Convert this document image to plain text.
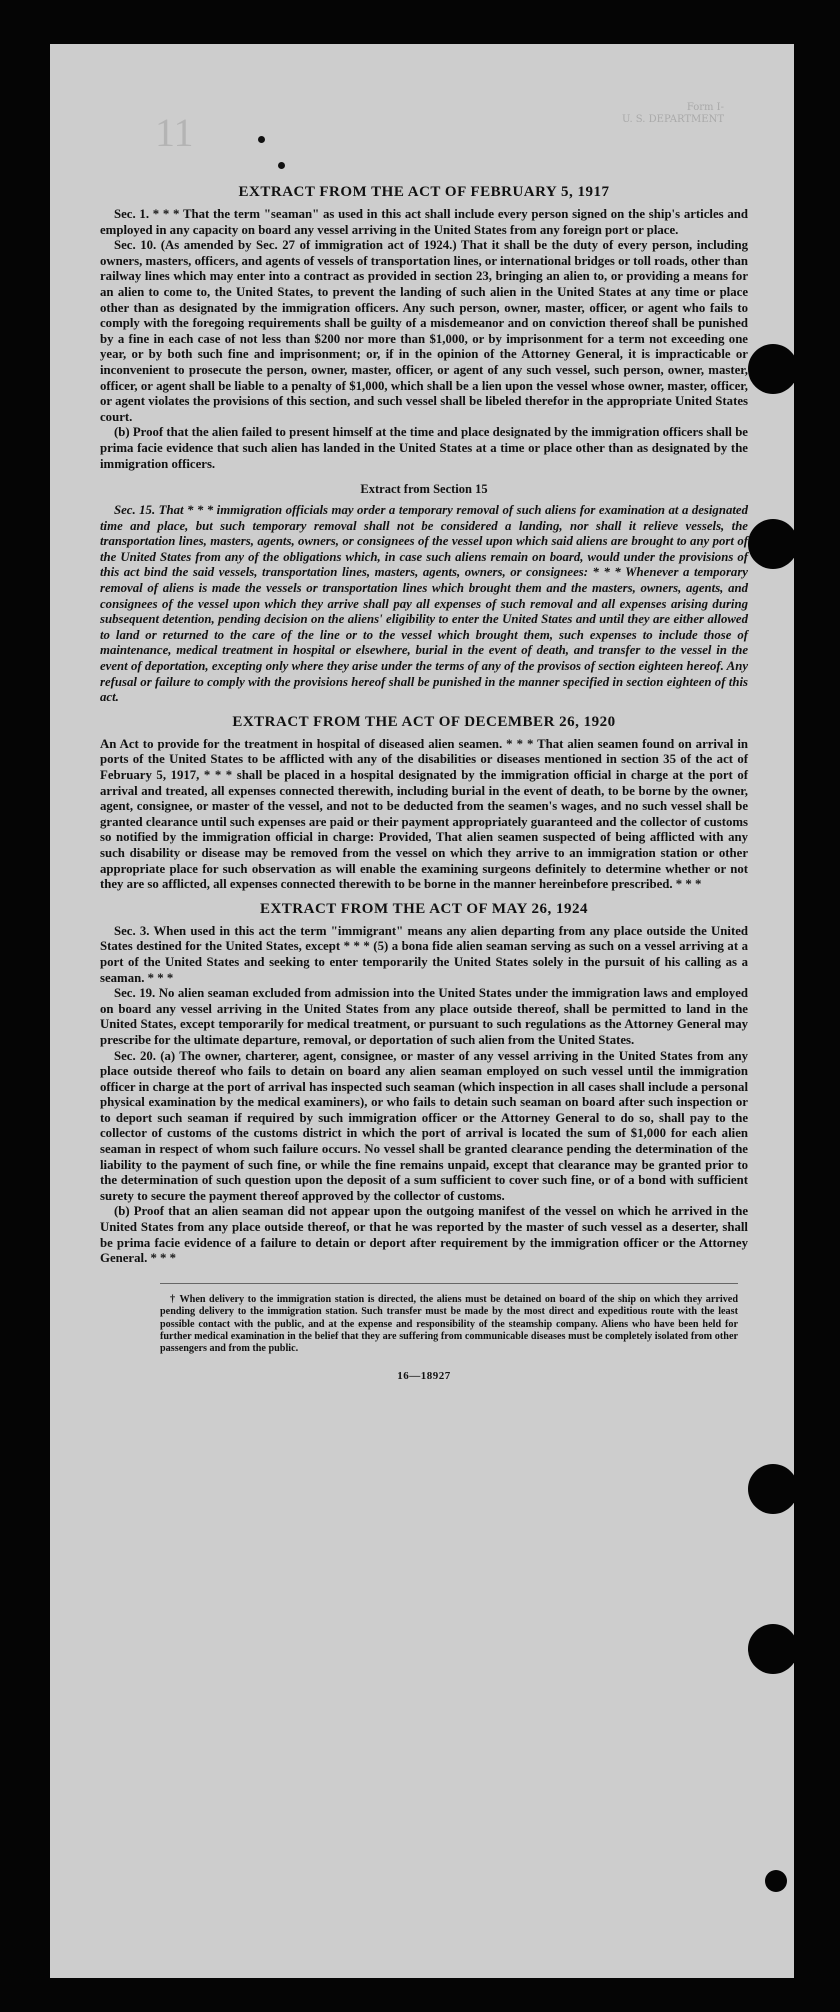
11
Form I-
U. S. DEPARTMENT

EXTRACT FROM THE ACT OF FEBRUARY 5, 1917

Sec. 1. * * * That the term "seaman" as used in this act shall include every person signed on the ship's articles and employed in any capacity on board any vessel arriving in the United States from any foreign port or place.

Sec. 10. (As amended by Sec. 27 of immigration act of 1924.) That it shall be the duty of every person, including owners, masters, officers, and agents of vessels of transportation lines, or international bridges or toll roads, other than railway lines which may enter into a contract as provided in section 23, bringing an alien to, or providing a means for an alien to come to, the United States, to prevent the landing of such alien in the United States at any time or place other than as designated by the immigration officers. Any such person, owner, master, officer, or agent who fails to comply with the foregoing requirements shall be guilty of a misdemeanor and on conviction thereof shall be punished by a fine in each case of not less than $200 nor more than $1,000, or by imprisonment for a term not exceeding one year, or by both such fine and imprisonment; or, if in the opinion of the Attorney General, it is impracticable or inconvenient to prosecute the person, owner, master, officer, or agent of any such vessel, such person, owner, master, officer, or agent shall be liable to a penalty of $1,000, which shall be a lien upon the vessel whose owner, master, officer, or agent violates the provisions of this section, and such vessel shall be libeled therefor in the appropriate United States court.

(b) Proof that the alien failed to present himself at the time and place designated by the immigration officers shall be prima facie evidence that such alien has landed in the United States at a time or place other than as designated by the immigration officers.

Extract from Section 15

Sec. 15. That * * * immigration officials may order a temporary removal of such aliens for examination at a designated time and place, but such temporary removal shall not be considered a landing, nor shall it relieve vessels, the transportation lines, masters, agents, owners, or consignees of the vessel upon which said aliens are brought to any port of the United States from any of the obligations which, in case such aliens remain on board, would under the provisions of this act bind the said vessels, transportation lines, masters, agents, owners, or consignees: * * * Whenever a temporary removal of aliens is made the vessels or transportation lines which brought them and the masters, owners, agents, and consignees of the vessel upon which they arrive shall pay all expenses of such removal and all expenses arising during subsequent detention, pending decision on the aliens' eligibility to enter the United States and until they are either allowed to land or returned to the care of the line or to the vessel which brought them, such expenses to include those of maintenance, medical treatment in hospital or elsewhere, burial in the event of death, and transfer to the vessel in the event of deportation, excepting only where they arise under the terms of any of the provisos of section eighteen hereof. Any refusal or failure to comply with the provisions hereof shall be punished in the manner specified in section eighteen of this act.

EXTRACT FROM THE ACT OF DECEMBER 26, 1920

An Act to provide for the treatment in hospital of diseased alien seamen. * * * That alien seamen found on arrival in ports of the United States to be afflicted with any of the disabilities or diseases mentioned in section 35 of the act of February 5, 1917, * * * shall be placed in a hospital designated by the immigration official in charge at the port of arrival and treated, all expenses connected therewith, including burial in the event of death, to be borne by the owner, agent, consignee, or master of the vessel, and not to be deducted from the seamen's wages, and no such vessel shall be granted clearance until such expenses are paid or their payment appropriately guaranteed and the collector of customs so notified by the immigration official in charge: Provided, That alien seamen suspected of being afflicted with any such disability or disease may be removed from the vessel on which they arrive to an immigration station or other appropriate place for such observation as will enable the examining surgeons definitely to determine whether or not they are so afflicted, all expenses connected therewith to be borne in the manner hereinbefore prescribed. * * *

EXTRACT FROM THE ACT OF MAY 26, 1924

Sec. 3. When used in this act the term "immigrant" means any alien departing from any place outside the United States destined for the United States, except * * * (5) a bona fide alien seaman serving as such on a vessel arriving at a port of the United States and seeking to enter temporarily the United States solely in the pursuit of his calling as a seaman. * * *

Sec. 19. No alien seaman excluded from admission into the United States under the immigration laws and employed on board any vessel arriving in the United States from any place outside thereof, shall be permitted to land in the United States, except temporarily for medical treatment, or pursuant to such regulations as the Attorney General may prescribe for the ultimate departure, removal, or deportation of such alien from the United States.

Sec. 20. (a) The owner, charterer, agent, consignee, or master of any vessel arriving in the United States from any place outside thereof who fails to detain on board any alien seaman employed on such vessel until the immigration officer in charge at the port of arrival has inspected such seaman (which inspection in all cases shall include a personal physical examination by the medical examiners), or who fails to detain such seaman on board after such inspection or to deport such seaman if required by such immigration officer or the Attorney General to do so, shall pay to the collector of customs of the customs district in which the port of arrival is located the sum of $1,000 for each alien seaman in respect of whom such failure occurs. No vessel shall be granted clearance pending the determination of the liability to the payment of such fine, or while the fine remains unpaid, except that clearance may be granted prior to the determination of such question upon the deposit of a sum sufficient to cover such fine, or of a bond with sufficient surety to secure the payment thereof approved by the collector of customs.

(b) Proof that an alien seaman did not appear upon the outgoing manifest of the vessel on which he arrived in the United States from any place outside thereof, or that he was reported by the master of such vessel as a deserter, shall be prima facie evidence of a failure to detain or deport after requirement by the immigration officer or the Attorney General. * * *

† When delivery to the immigration station is directed, the aliens must be detained on board of the ship on which they arrived pending delivery to the immigration station. Such transfer must be made by the most direct and expeditious route with the least possible contact with the public, and at the expense and responsibility of the steamship company. Aliens who have been held for further medical examination in the belief that they are suffering from communicable diseases must be completely isolated from other passengers and from the public.

16—18927
